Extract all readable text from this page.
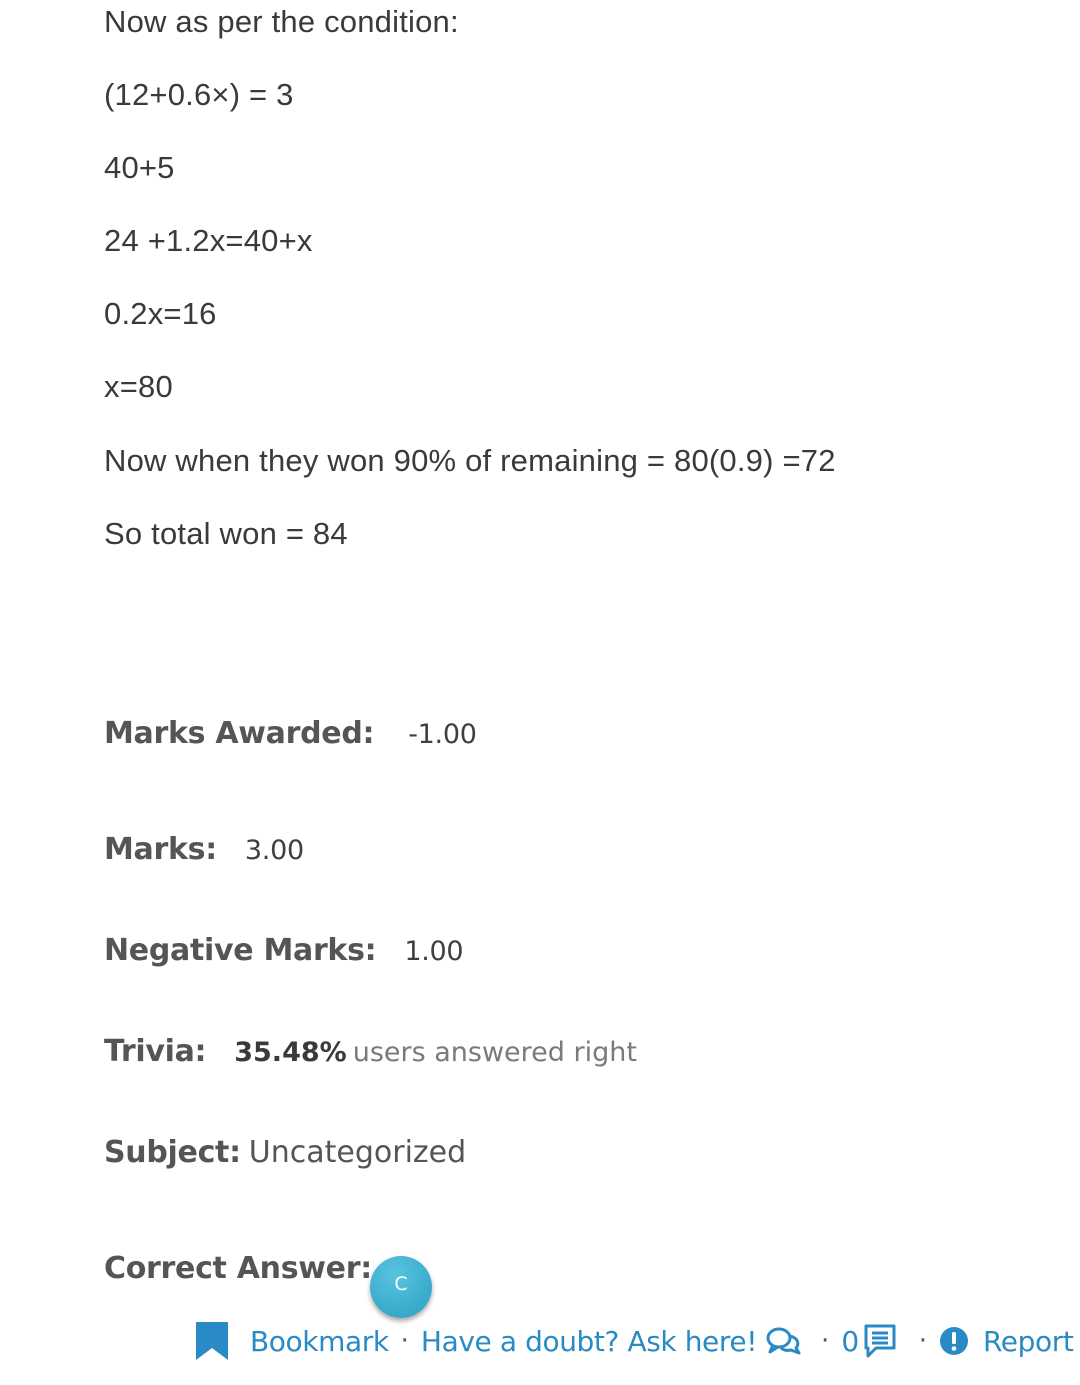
Now as per the condition:
(12+0.6×) = 3
40+5
24 +1.2x=40+x
0.2x=16
x=80
Now when they won 90% of remaining = 80(0.9) =72
So total won = 84
Marks Awarded: -1.00
Marks: 3.00
Negative Marks: 1.00
Trivia: 35.48% users answered right
Subject: Uncategorized
Correct Answer:	C
Bookmark · Have a doubt? Ask here! · 0 · Report
